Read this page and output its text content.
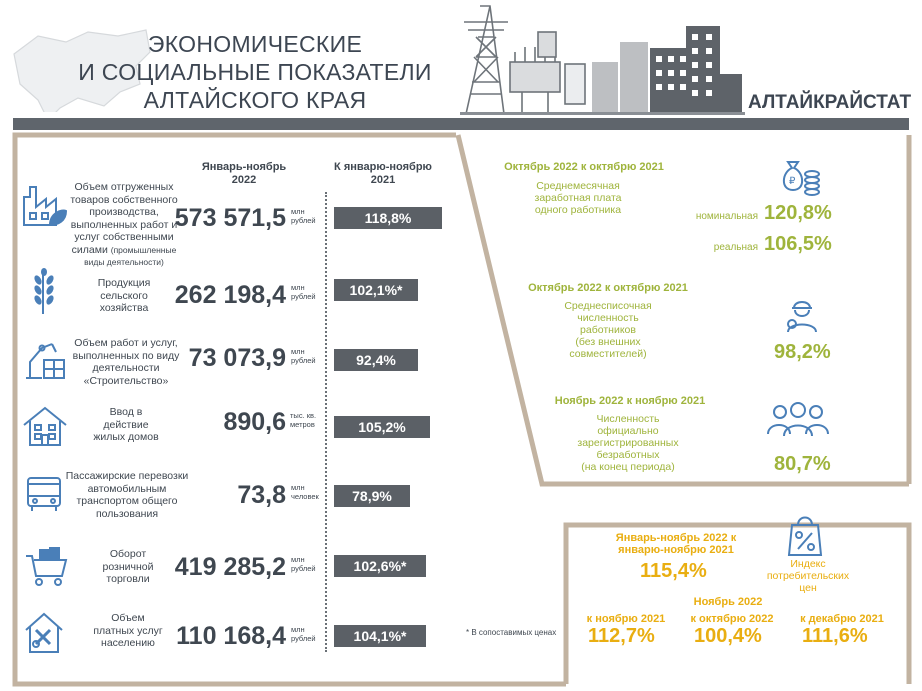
ЭКОНОМИЧЕСКИЕ
И СОЦИАЛЬНЫЕ ПОКАЗАТЕЛИ
АЛТАЙСКОГО КРАЯ	АЛТАЙКРАЙСТАТ
Январь-ноябрь 2022
К январю-ноябрю 2021
Объем отгруженных товаров собственного производства, выполненных работ и услуг собственными силами (промышленные виды деятельности)
573 571,5 млн рублей	118,8%
Продукция сельского хозяйства	262 198,4 млн рублей	102,1%*
Объем работ и услуг, выполненных по виду деятельности «Строительство»
73 073,9 млн рублей	92,4%
Ввод в действие жилых домов
890,6 тыс. кв. метров	105,2%
Пассажирские перевозки автомобильным транспортом общего пользования
73,8 млн человек	78,9%
Оборот розничной торговли 419 285,2 млн рублей	102,6%*
Объем платных услуг населению 110 168,4 млн рублей	104,1%*	* В сопоставимых ценах
Октябрь 2022 к октябрю 2021
Среднемесячная заработная плата одного работника
₽
номинальная 120,8%
реальная 106,5%
Октябрь 2022 к октябрю 2021
Среднесписочная численность работников
(без внешних совместителей)	98,2%
Ноябрь 2022 к ноябрю 2021
Численность официально зарегистрированных безработных
(на конец периода)	80,7%
Январь-ноябрь 2022 к январю-ноябрю 2021
115,4%	Индекс потребительских цен
Ноябрь 2022
к ноябрю 2021
112,7%
к октябрю 2022
100,4%
к декабрю 2021
111,6%
